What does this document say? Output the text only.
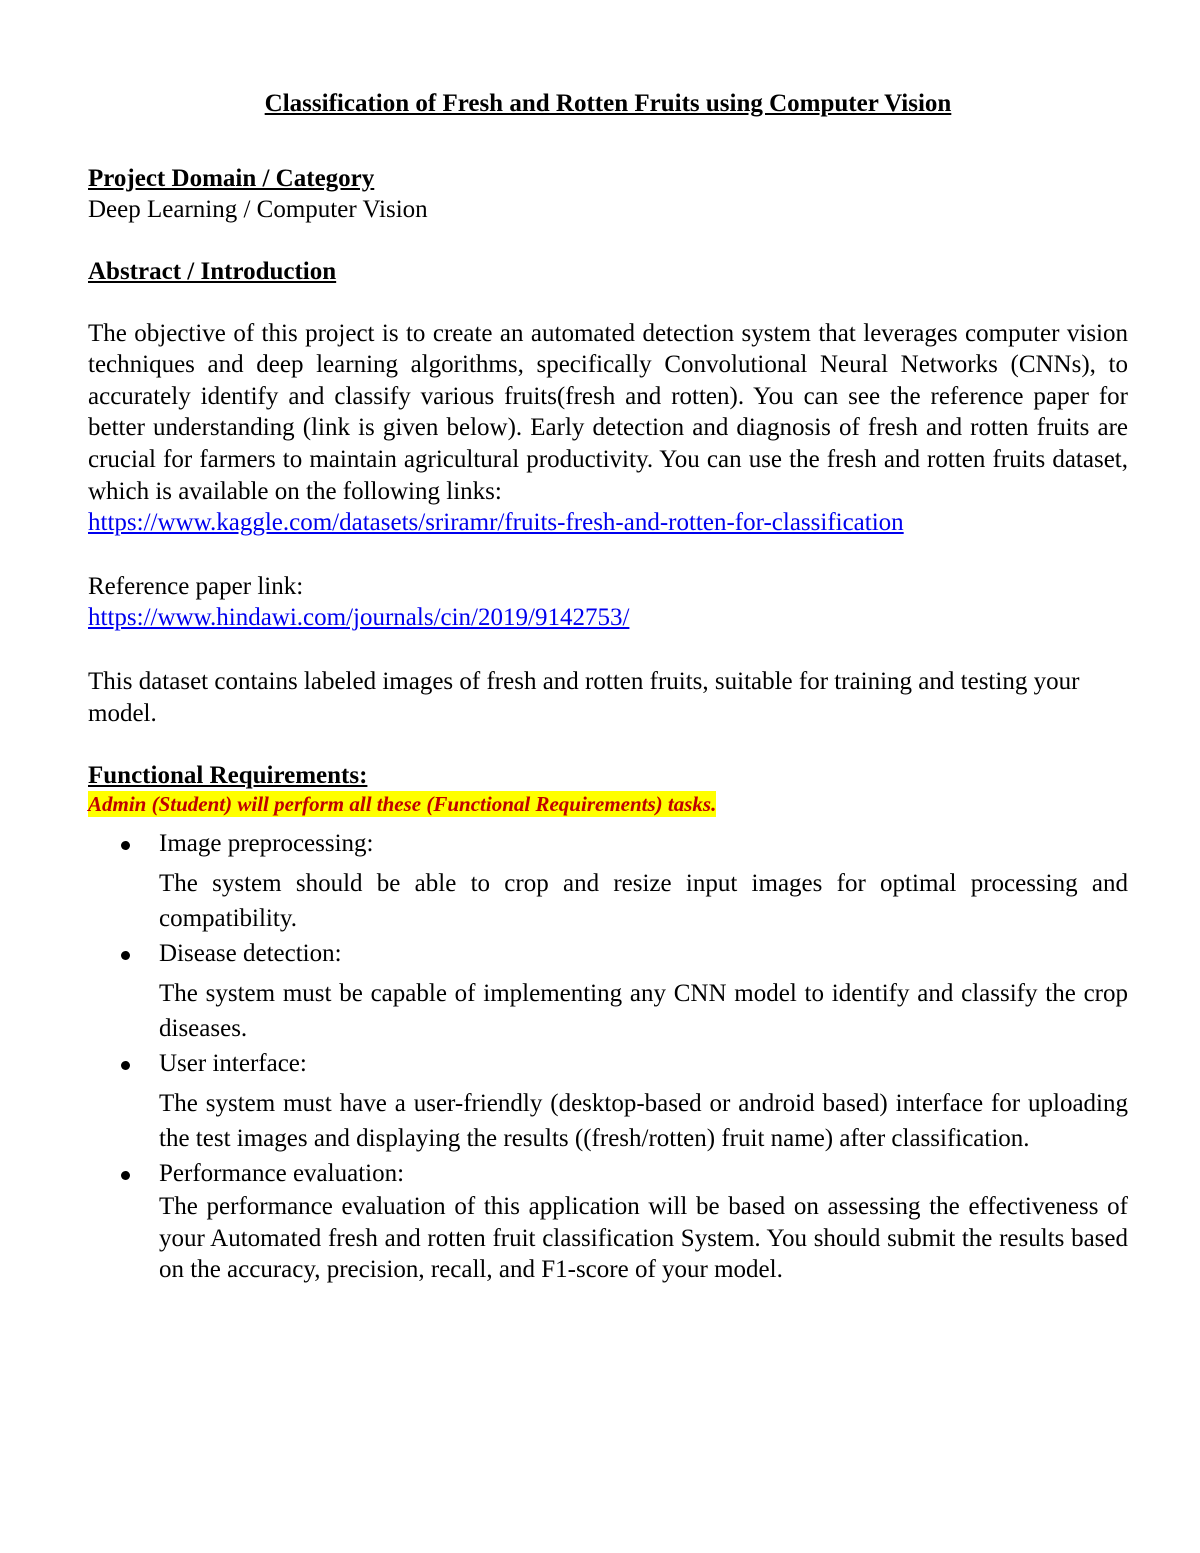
Classification of Fresh and Rotten Fruits using Computer Vision

Project Domain / Category

Deep Learning / Computer Vision

Abstract / Introduction

The objective of this project is to create an automated detection system that leverages computer vision techniques and deep learning algorithms, specifically Convolutional Neural Networks (CNNs), to accurately identify and classify various fruits(fresh and rotten). You can see the reference paper for better understanding (link is given below). Early detection and diagnosis of fresh and rotten fruits are crucial for farmers to maintain agricultural productivity. You can use the fresh and rotten fruits dataset, which is available on the following links:

https://www.kaggle.com/datasets/sriramr/fruits-fresh-and-rotten-for-classification

Reference paper link:

https://www.hindawi.com/journals/cin/2019/9142753/

This dataset contains labeled images of fresh and rotten fruits, suitable for training and testing your model.

Functional Requirements:

Admin (Student) will perform all these (Functional Requirements) tasks.

Image preprocessing:

The system should be able to crop and resize input images for optimal processing and compatibility.

Disease detection:

The system must be capable of implementing any CNN model to identify and classify the crop diseases.

User interface:

The system must have a user-friendly (desktop-based or android based) interface for uploading the test images and displaying the results ((fresh/rotten) fruit name) after classification.

Performance evaluation:

The performance evaluation of this application will be based on assessing the effectiveness of your Automated fresh and rotten fruit classification System. You should submit the results based on the accuracy, precision, recall, and F1-score of your model.
